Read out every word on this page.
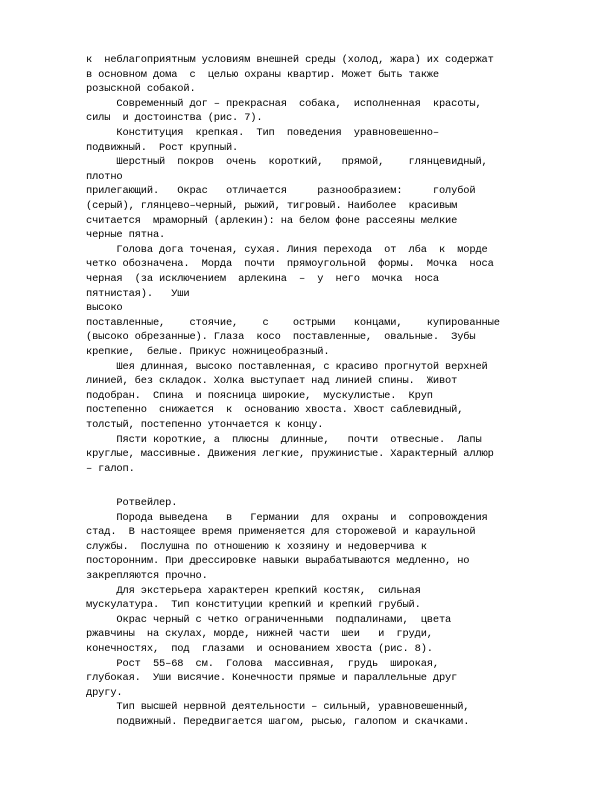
к  неблагоприятным условиям внешней среды (холод, жара) их содержат
в основном дома  с  целью охраны квартир. Может быть также
розыскной собакой.
Современный дог – прекрасная  собака,  исполненная  красоты,
силы  и достоинства (рис. 7).
Конституция  крепкая.  Тип  поведения  уравновешенно–
подвижный.  Рост крупный.
Шерстный  покров  очень  короткий,   прямой,    глянцевидный,
плотно
прилегающий.   Окрас   отличается     разнообразием:     голубой
(серый), глянцево–черный, рыжий, тигровый. Наиболее  красивым
считается  мраморный (арлекин): на белом фоне рассеяны мелкие
черные пятна.
Голова дога точеная, сухая. Линия перехода  от  лба  к  морде
четко обозначена.  Морда  почти  прямоугольной  формы.  Мочка  носа
черная  (за исключением  арлекина  –  у  него  мочка  носа
пятнистая).   Уши
высоко
поставленные,    стоячие,    с    острыми   концами,    купированные
(высоко обрезанные). Глаза  косо  поставленные,  овальные.  Зубы
крепкие,  белые. Прикус ножницеобразный.
Шея длинная, высоко поставленная, с красиво прогнутой верхней
линией, без складок. Холка выступает над линией спины.  Живот
подобран.  Спина  и поясница широкие,  мускулистые.  Круп
постепенно  снижается  к  основанию хвоста. Хвост саблевидный,
толстый, постепенно утончается к концу.
Пясти короткие, а  плюсны  длинные,   почти  отвесные.  Лапы
круглые, массивные. Движения легкие, пружинистые. Характерный аллюр
– галоп.
Ротвейлер.
Порода выведена   в   Германии  для  охраны  и  сопровождения
стад.  В настоящее время применяется для сторожевой и караульной
службы.  Послушна по отношению к хозяину и недоверчива к
посторонним. При дрессировке навыки вырабатываются медленно, но
закрепляются прочно.
Для экстерьера характерен крепкий костяк,  сильная
мускулатура.  Тип конституции крепкий и крепкий грубый.
Окрас черный с четко ограниченными  подпалинами,  цвета
ржавчины  на скулах, морде, нижней части  шеи   и  груди,
конечностях,  под  глазами  и основанием хвоста (рис. 8).
Рост  55–68  см.  Голова  массивная,  грудь  широкая,
глубокая.  Уши висячие. Конечности прямые и параллельные друг
другу.
Тип высшей нервной деятельности – сильный, уравновешенный,
подвижный. Передвигается шагом, рысью, галопом и скачками.
